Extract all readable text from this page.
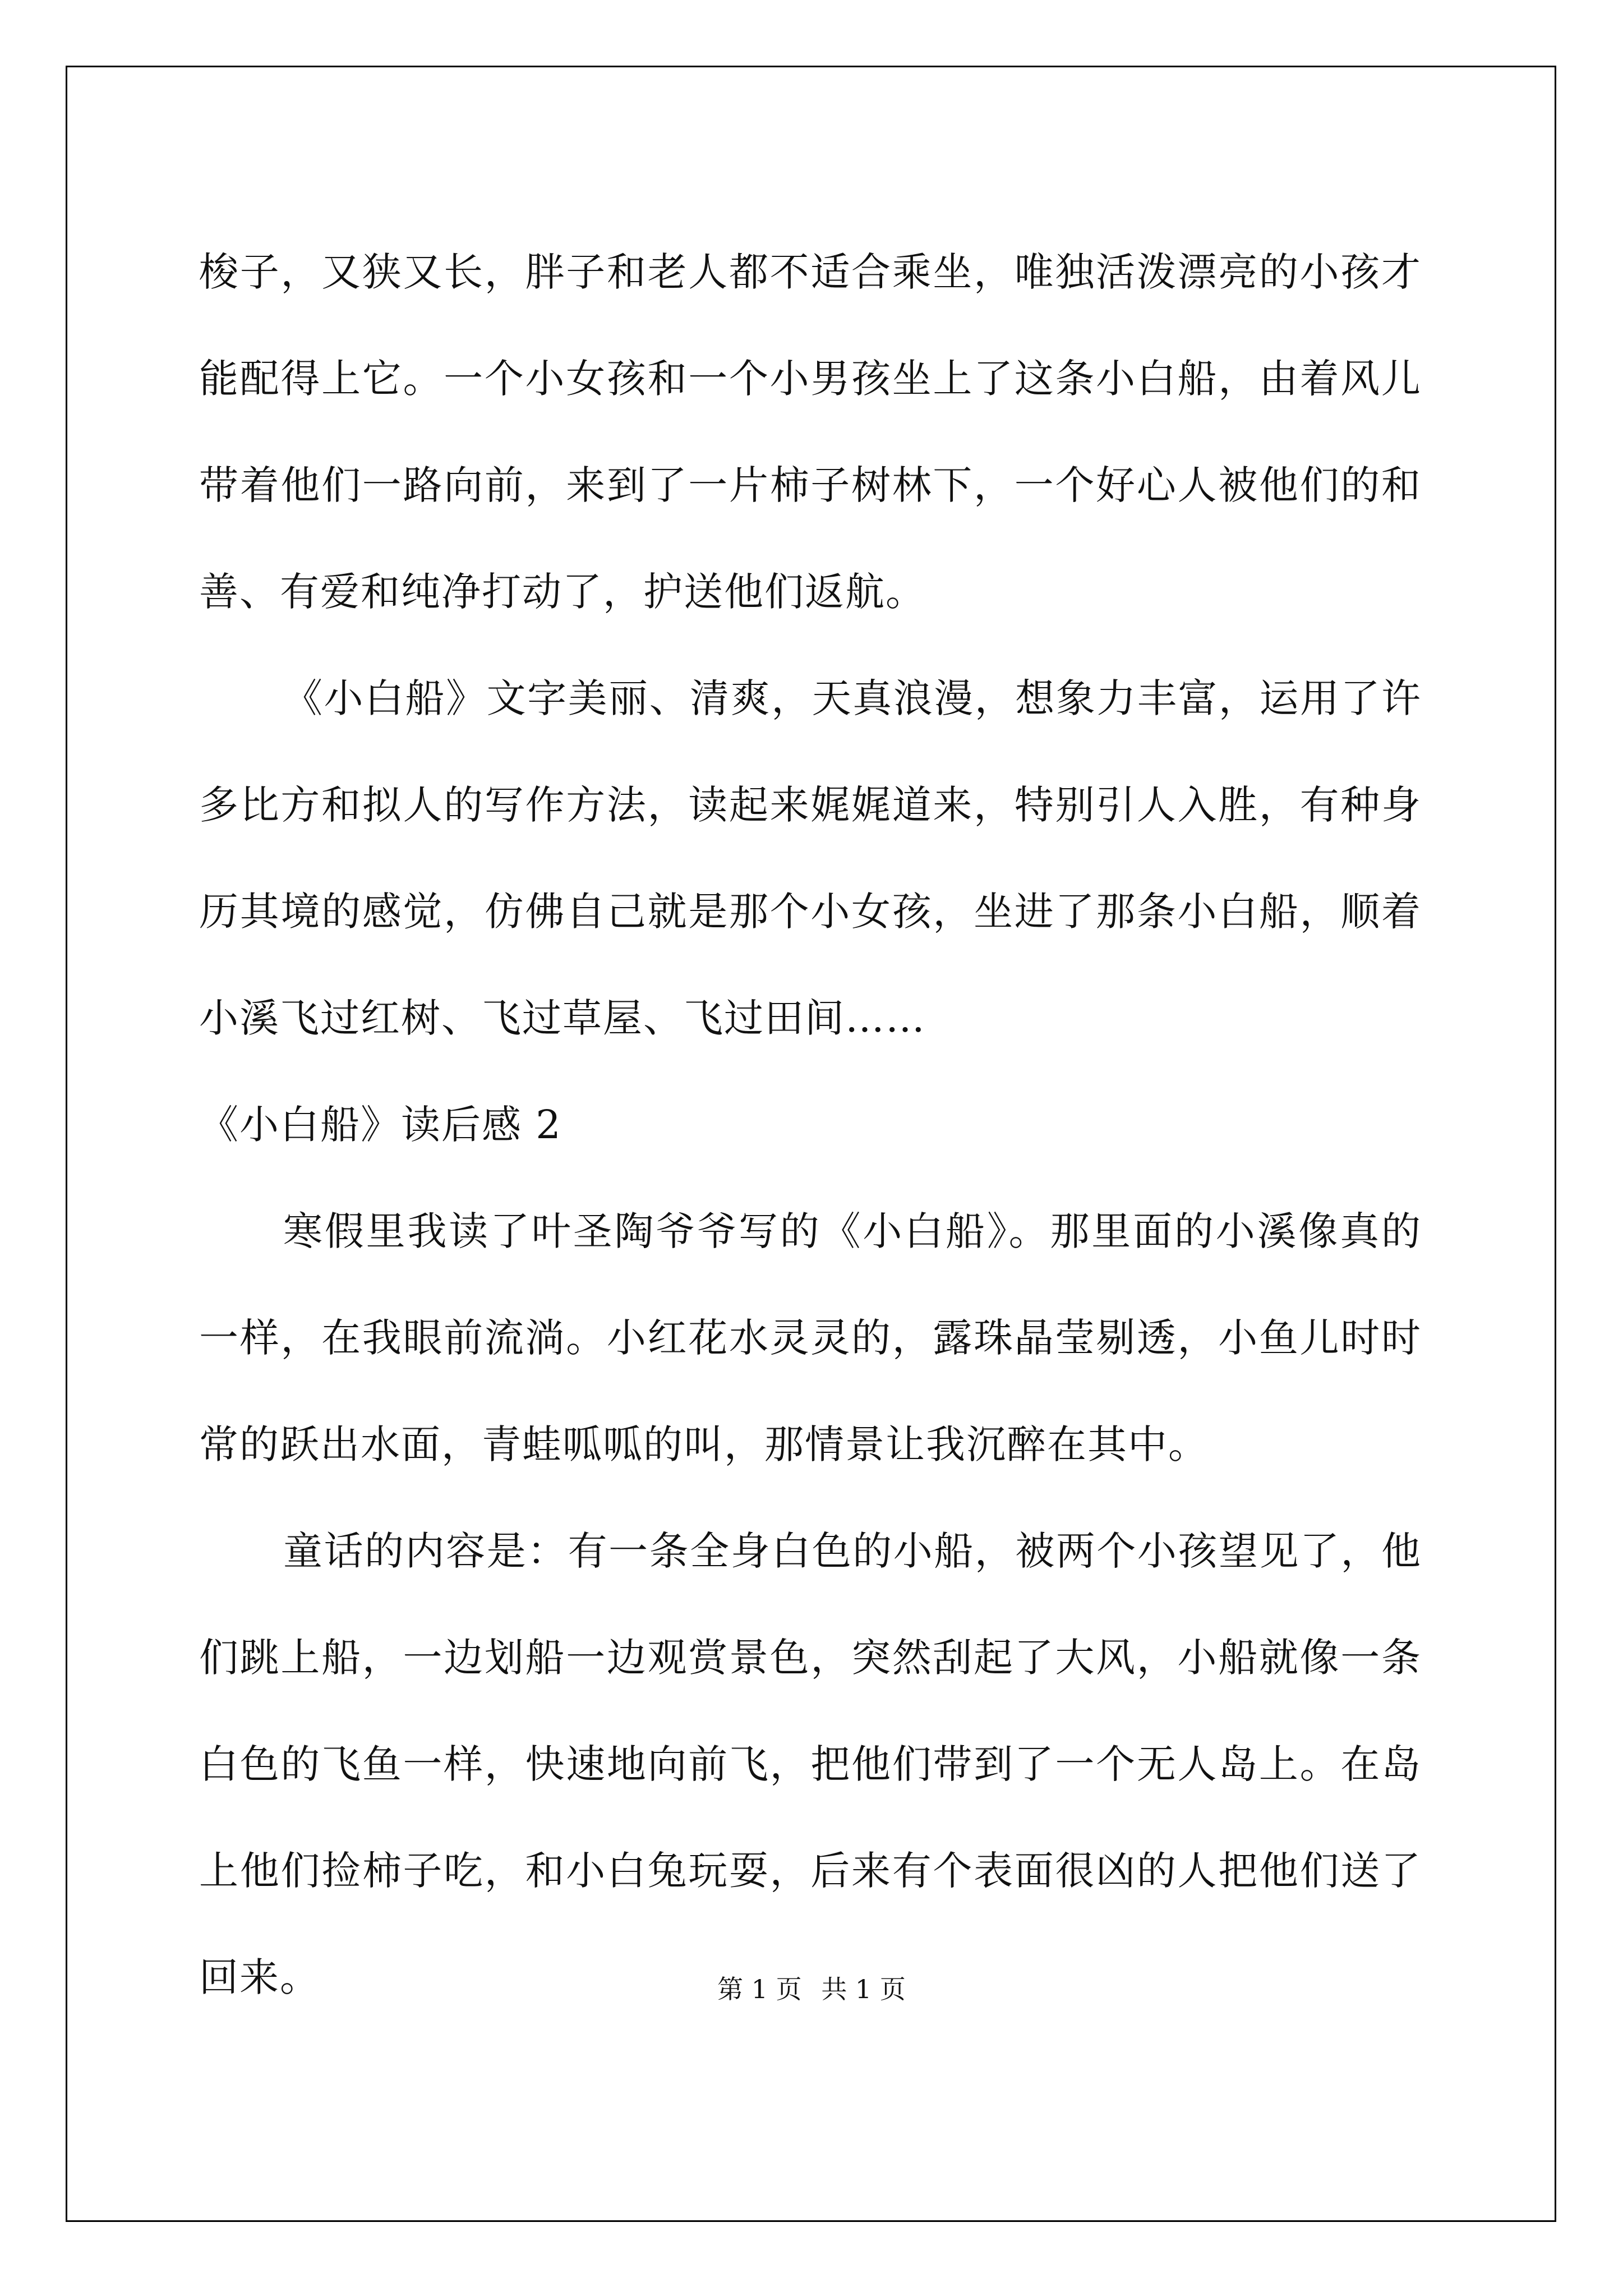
梭子，又狭又长，胖子和老人都不适合乘坐，唯独活泼漂亮的小孩才能配得上它。一个小女孩和一个小男孩坐上了这条小白船，由着风儿带着他们一路向前，来到了一片柿子树林下，一个好心人被他们的和善、有爱和纯净打动了，护送他们返航。

《小白船》文字美丽、清爽，天真浪漫，想象力丰富，运用了许多比方和拟人的写作方法，读起来娓娓道来，特别引人入胜，有种身历其境的感觉，仿佛自己就是那个小女孩，坐进了那条小白船，顺着小溪飞过红树、飞过草屋、飞过田间……

《小白船》读后感 2

寒假里我读了叶圣陶爷爷写的《小白船》。那里面的小溪像真的一样，在我眼前流淌。小红花水灵灵的，露珠晶莹剔透，小鱼儿时时常的跃出水面，青蛙呱呱的叫，那情景让我沉醉在其中。

童话的内容是：有一条全身白色的小船，被两个小孩望见了，他们跳上船，一边划船一边观赏景色，突然刮起了大风，小船就像一条白色的飞鱼一样，快速地向前飞，把他们带到了一个无人岛上。在岛上他们捡柿子吃，和小白兔玩耍，后来有个表面很凶的人把他们送了回来。	第 1 页 共 1 页
